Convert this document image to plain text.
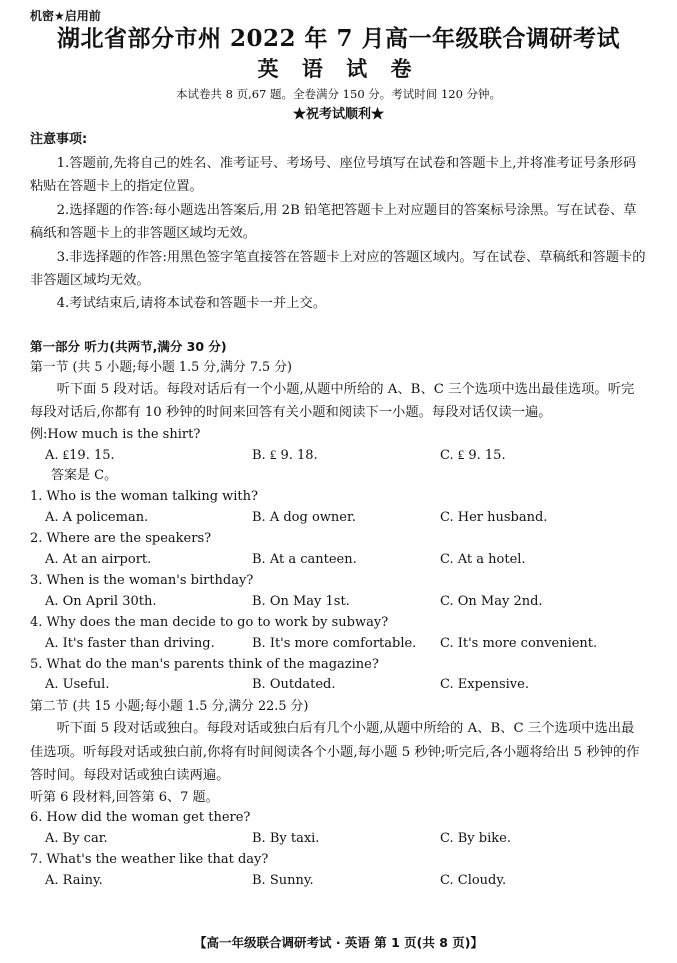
机密★启用前
湖北省部分市州 2022 年 7 月高一年级联合调研考试
英 语 试 卷
本试卷共 8 页,67 题。全卷满分 150 分。考试时间 120 分钟。
★祝考试顺利★
注意事项:
1.答题前,先将自己的姓名、准考证号、考场号、座位号填写在试卷和答题卡上,并将准考证号条形码粘贴在答题卡上的指定位置。
2.选择题的作答:每小题选出答案后,用 2B 铅笔把答题卡上对应题目的答案标号涂黑。写在试卷、草稿纸和答题卡上的非答题区域均无效。
3.非选择题的作答:用黑色签字笔直接答在答题卡上对应的答题区域内。写在试卷、草稿纸和答题卡的非答题区域均无效。
4.考试结束后,请将本试卷和答题卡一并上交。
第一部分 听力(共两节,满分 30 分)
第一节 (共 5 小题;每小题 1.5 分,满分 7.5 分)
听下面 5 段对话。每段对话后有一个小题,从题中所给的 A、B、C 三个选项中选出最佳选项。听完每段对话后,你都有 10 秒钟的时间来回答有关小题和阅读下一小题。每段对话仅读一遍。
例:How much is the shirt?
A. ₤19. 15.	B. ₤ 9. 18.	C. ₤ 9. 15.
答案是 C。
1. Who is the woman talking with?
A. A policeman.	B. A dog owner.	C. Her husband.
2. Where are the speakers?
A. At an airport.	B. At a canteen.	C. At a hotel.
3. When is the woman's birthday?
A. On April 30th.	B. On May 1st.	C. On May 2nd.
4. Why does the man decide to go to work by subway?
A. It's faster than driving.	B. It's more comfortable. C. It's more convenient.
5. What do the man's parents think of the magazine?
A. Useful.	B. Outdated.	C. Expensive.
第二节 (共 15 小题;每小题 1.5 分,满分 22.5 分)
听下面 5 段对话或独白。每段对话或独白后有几个小题,从题中所给的 A、B、C 三个选项中选出最佳选项。听每段对话或独白前,你将有时间阅读各个小题,每小题 5 秒钟;听完后,各小题将给出 5 秒钟的作答时间。每段对话或独白读两遍。
听第 6 段材料,回答第 6、7 题。
6. How did the woman get there?
A. By car.	B. By taxi.	C. By bike.
7. What's the weather like that day?
A. Rainy.	B. Sunny.	C. Cloudy.
【高一年级联合调研考试 · 英语 第 1 页(共 8 页)】
